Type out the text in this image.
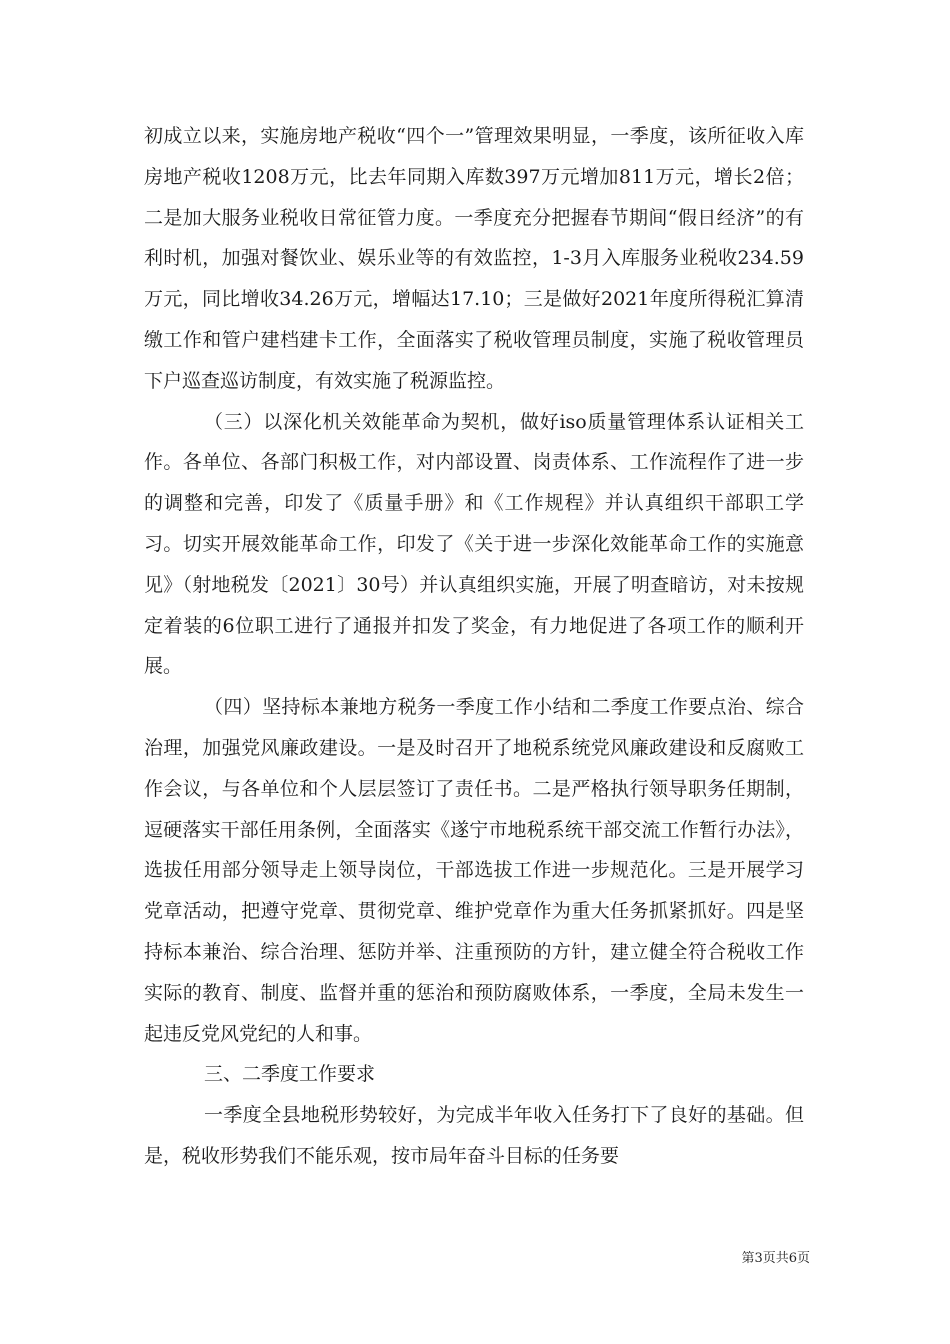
初成立以来，实施房地产税收“四个一”管理效果明显，一季度，该所征收入库房地产税收1208万元，比去年同期入库数397万元增加811万元，增长2倍；二是加大服务业税收日常征管力度。一季度充分把握春节期间“假日经济”的有利时机，加强对餐饮业、娱乐业等的有效监控，1-3月入库服务业税收234.59万元，同比增收34.26万元，增幅达17.10；三是做好2021年度所得税汇算清缴工作和管户建档建卡工作，全面落实了税收管理员制度，实施了税收管理员下户巡查巡访制度，有效实施了税源监控。

（三）以深化机关效能革命为契机，做好iso质量管理体系认证相关工作。各单位、各部门积极工作，对内部设置、岗责体系、工作流程作了进一步的调整和完善，印发了《质量手册》和《工作规程》并认真组织干部职工学习。切实开展效能革命工作，印发了《关于进一步深化效能革命工作的实施意见》（射地税发〔2021〕30号）并认真组织实施，开展了明查暗访，对未按规定着装的6位职工进行了通报并扣发了奖金，有力地促进了各项工作的顺利开展。

（四）坚持标本兼地方税务一季度工作小结和二季度工作要点治、综合治理，加强党风廉政建设。一是及时召开了地税系统党风廉政建设和反腐败工作会议，与各单位和个人层层签订了责任书。二是严格执行领导职务任期制，逗硬落实干部任用条例，全面落实《遂宁市地税系统干部交流工作暂行办法》，选拔任用部分领导走上领导岗位，干部选拔工作进一步规范化。三是开展学习党章活动，把遵守党章、贯彻党章、维护党章作为重大任务抓紧抓好。四是坚持标本兼治、综合治理、惩防并举、注重预防的方针，建立健全符合税收工作实际的教育、制度、监督并重的惩治和预防腐败体系，一季度，全局未发生一起违反党风党纪的人和事。

三、二季度工作要求

一季度全县地税形势较好，为完成半年收入任务打下了良好的基础。但是，税收形势我们不能乐观，按市局年奋斗目标的任务要

第3页共6页
